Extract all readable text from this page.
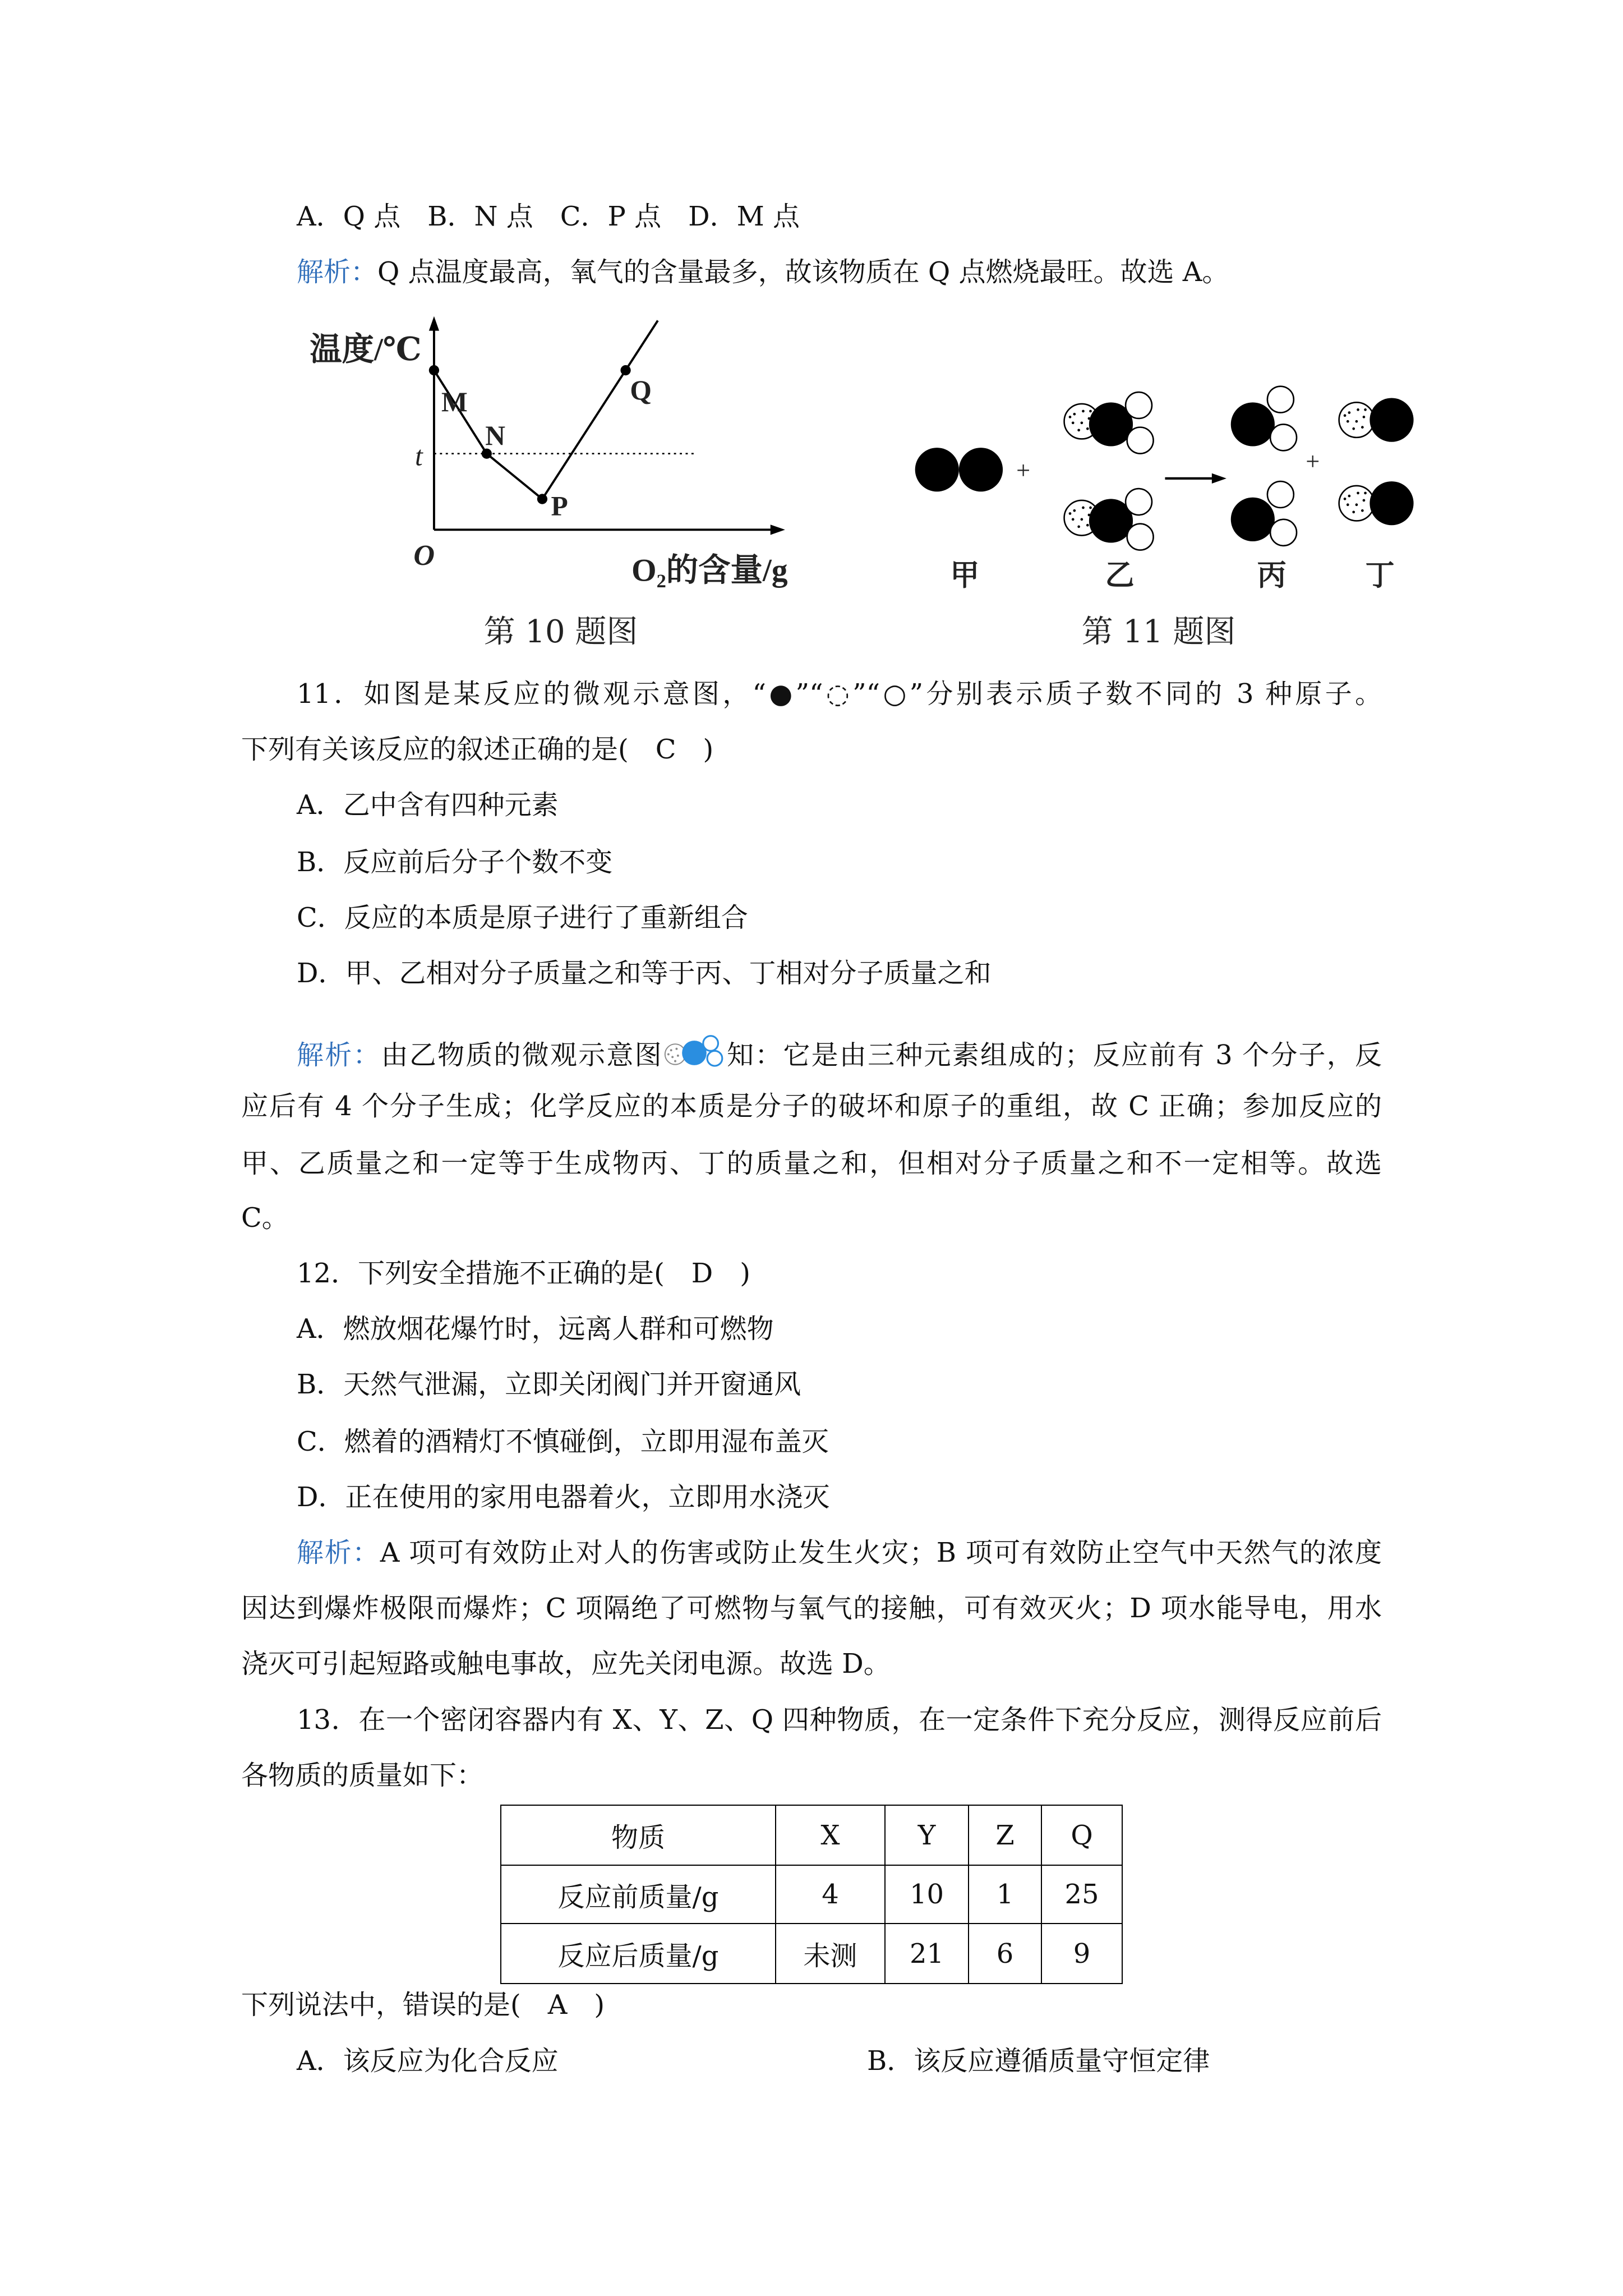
A．Q 点　B．N 点　C．P 点　D．M 点
解析：Q 点温度最高，氧气的含量最多，故该物质在 Q 点燃烧最旺。故选 A。
温度/℃
O₂的含量/g
O
t
M
N
P
Q
第 10 题图
+	+
甲	乙	丙	丁
第 11 题图
11．如图是某反应的微观示意图，“●”“◌”“○”分别表示质子数不同的 3 种原子。
下列有关该反应的叙述正确的是(　C　)
A．乙中含有四种元素
B．反应前后分子个数不变
C．反应的本质是原子进行了重新组合
D．甲、乙相对分子质量之和等于丙、丁相对分子质量之和
解析：由乙物质的微观示意图 知：它是由三种元素组成的；反应前有 3 个分子，反
应后有 4 个分子生成；化学反应的本质是分子的破坏和原子的重组，故 C 正确；参加反应的
甲、乙质量之和一定等于生成物丙、丁的质量之和，但相对分子质量之和不一定相等。故选
C。
12．下列安全措施不正确的是(　D　)
A．燃放烟花爆竹时，远离人群和可燃物
B．天然气泄漏，立即关闭阀门并开窗通风
C．燃着的酒精灯不慎碰倒，立即用湿布盖灭
D．正在使用的家用电器着火，立即用水浇灭
解析：A 项可有效防止对人的伤害或防止发生火灾；B 项可有效防止空气中天然气的浓度
因达到爆炸极限而爆炸；C 项隔绝了可燃物与氧气的接触，可有效灭火；D 项水能导电，用水
浇灭可引起短路或触电事故，应先关闭电源。故选 D。
13．在一个密闭容器内有 X、Y、Z、Q 四种物质，在一定条件下充分反应，测得反应前后
各物质的质量如下：
物质	X	Y	Z	Q
反应前质量/g	4	10	1	25
反应后质量/g	未测	21	6	9
下列说法中，错误的是(　A　)
A．该反应为化合反应	B．该反应遵循质量守恒定律
